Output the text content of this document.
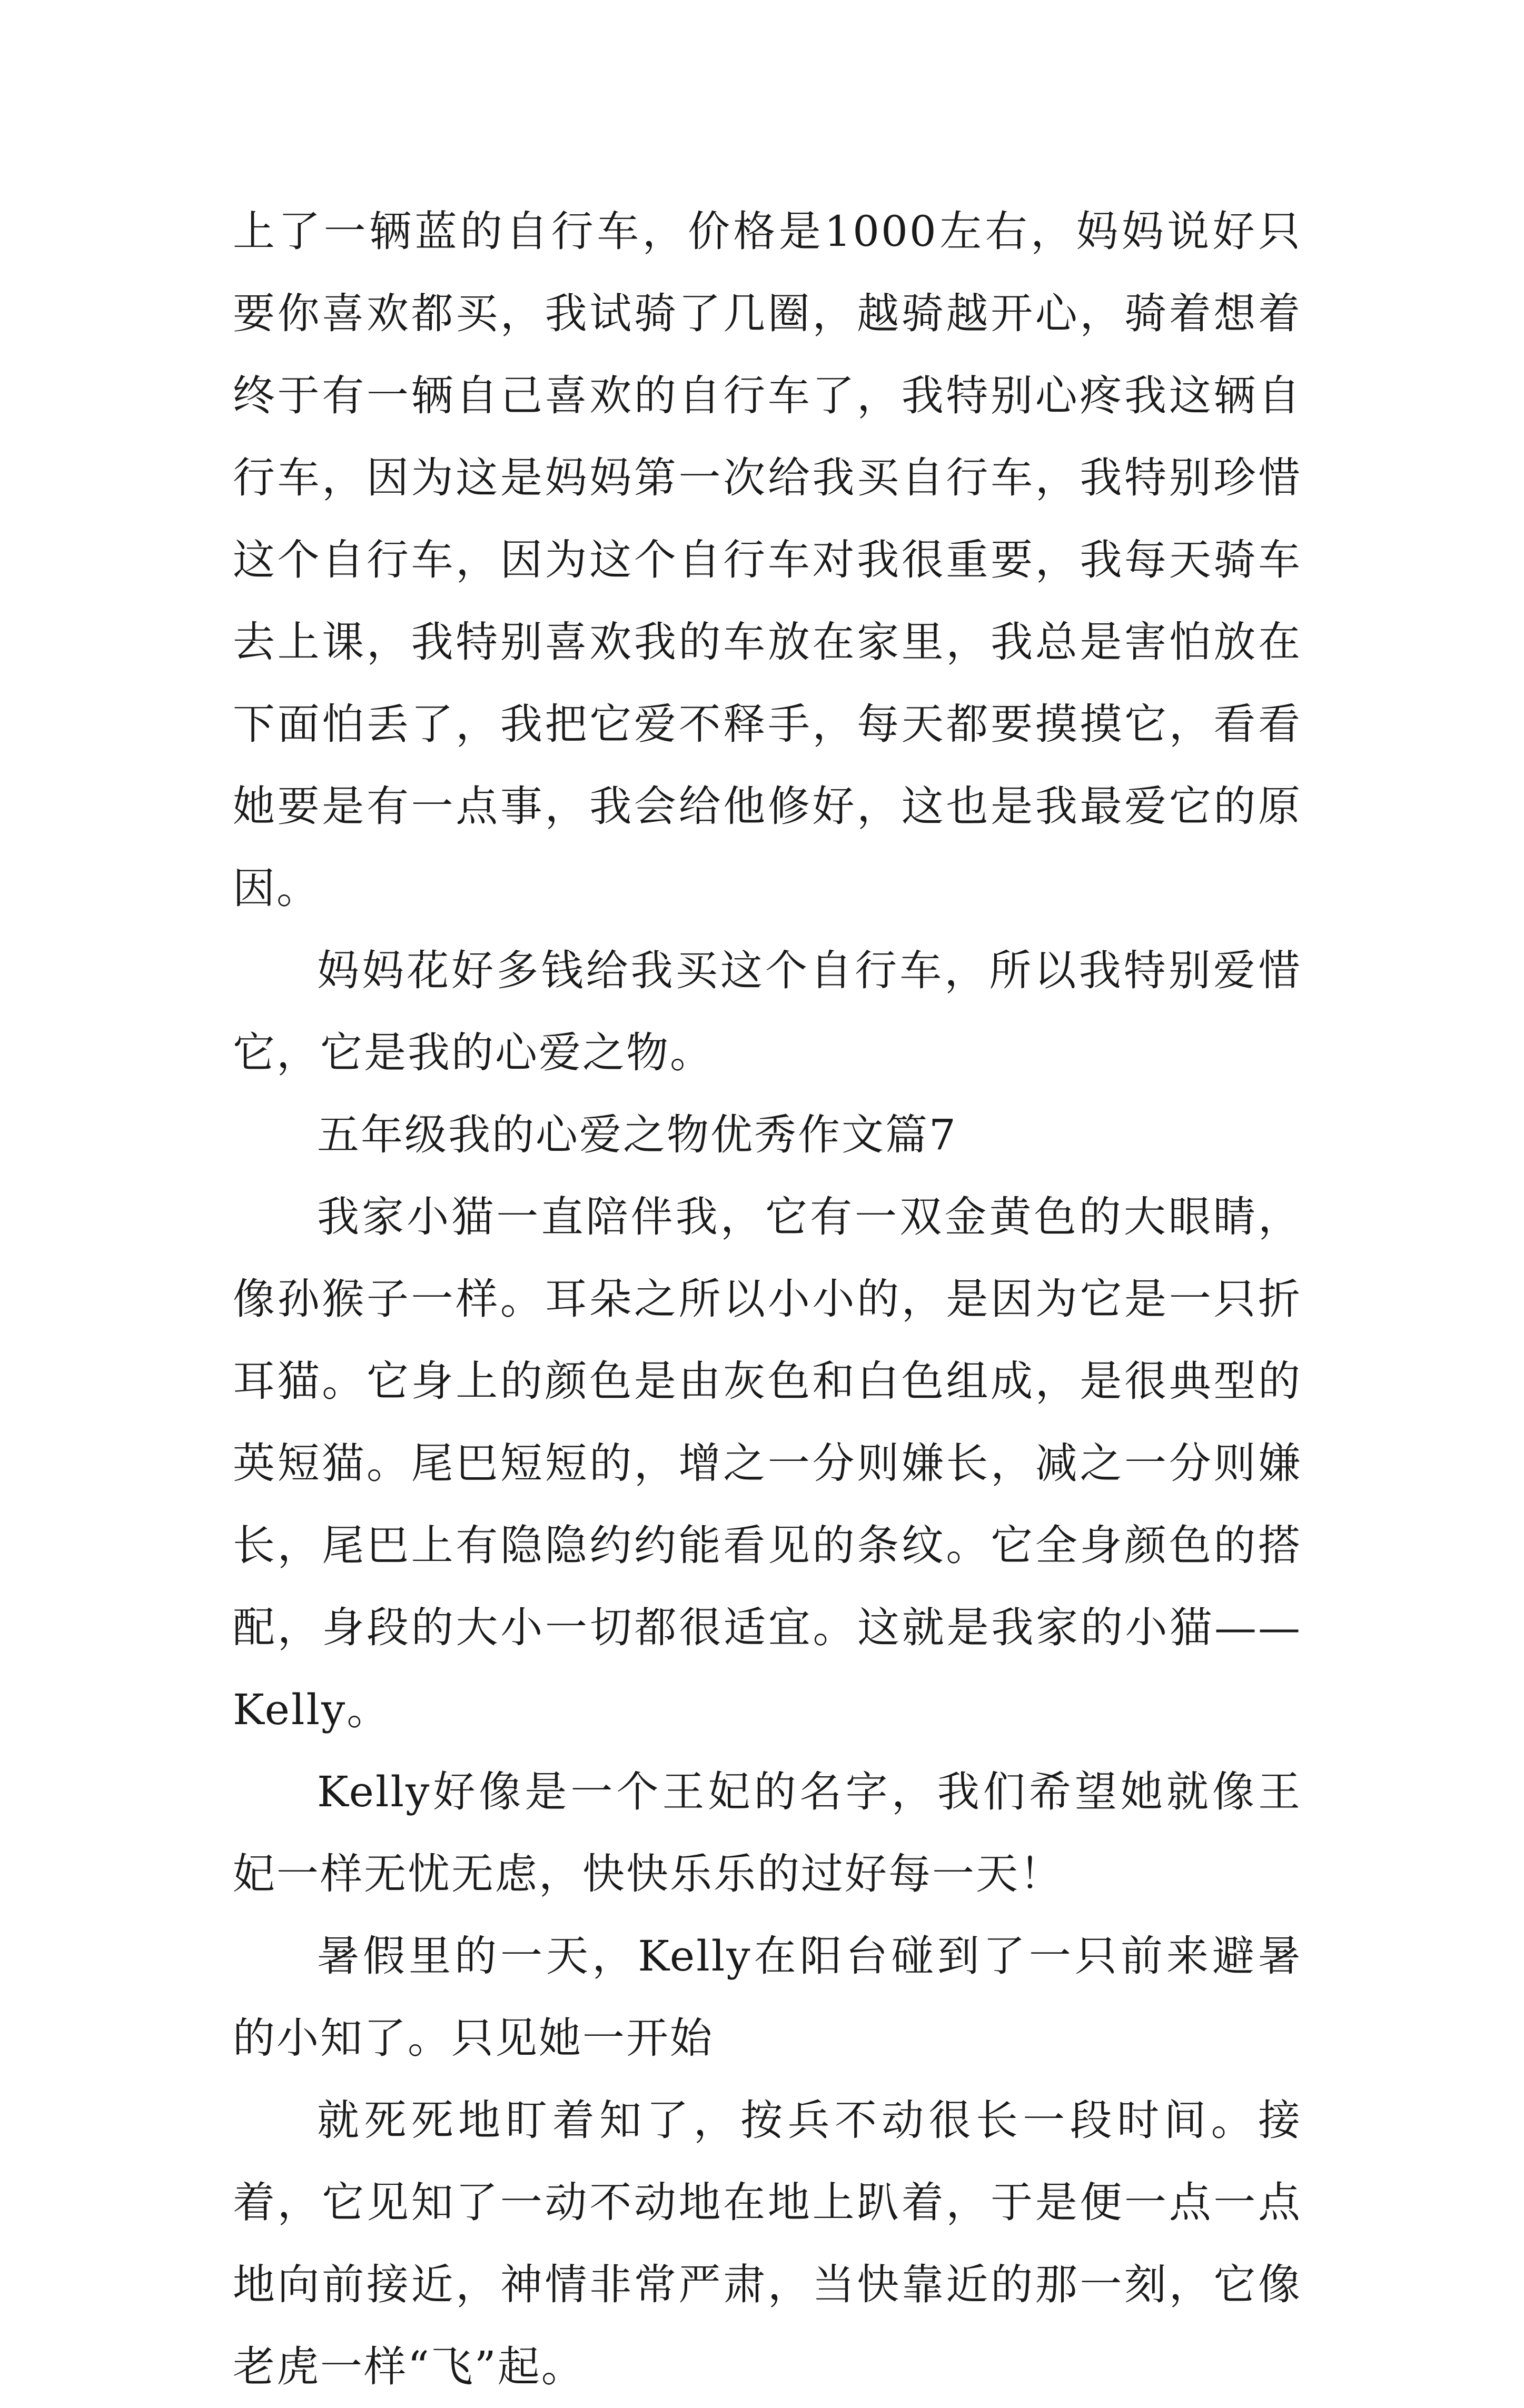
上了一辆蓝的自行车，价格是1000左右，妈妈说好只要你喜欢都买，我试骑了几圈，越骑越开心，骑着想着终于有一辆自己喜欢的自行车了，我特别心疼我这辆自行车，因为这是妈妈第一次给我买自行车，我特别珍惜这个自行车，因为这个自行车对我很重要，我每天骑车去上课，我特别喜欢我的车放在家里，我总是害怕放在下面怕丢了，我把它爱不释手，每天都要摸摸它，看看她要是有一点事，我会给他修好，这也是我最爱它的原因。

妈妈花好多钱给我买这个自行车，所以我特别爱惜它，它是我的心爱之物。

五年级我的心爱之物优秀作文篇7

我家小猫一直陪伴我，它有一双金黄色的大眼睛，像孙猴子一样。耳朵之所以小小的，是因为它是一只折耳猫。它身上的颜色是由灰色和白色组成，是很典型的英短猫。尾巴短短的，增之一分则嫌长，减之一分则嫌长，尾巴上有隐隐约约能看见的条纹。它全身颜色的搭配，身段的大小一切都很适宜。这就是我家的小猫——Kelly。

Kelly好像是一个王妃的名字，我们希望她就像王妃一样无忧无虑，快快乐乐的过好每一天！

暑假里的一天，Kelly在阳台碰到了一只前来避暑的小知了。只见她一开始

就死死地盯着知了，按兵不动很长一段时间。接着，它见知了一动不动地在地上趴着，于是便一点一点地向前接近，神情非常严肃，当快靠近的那一刻，它像老虎一样“飞”起。
